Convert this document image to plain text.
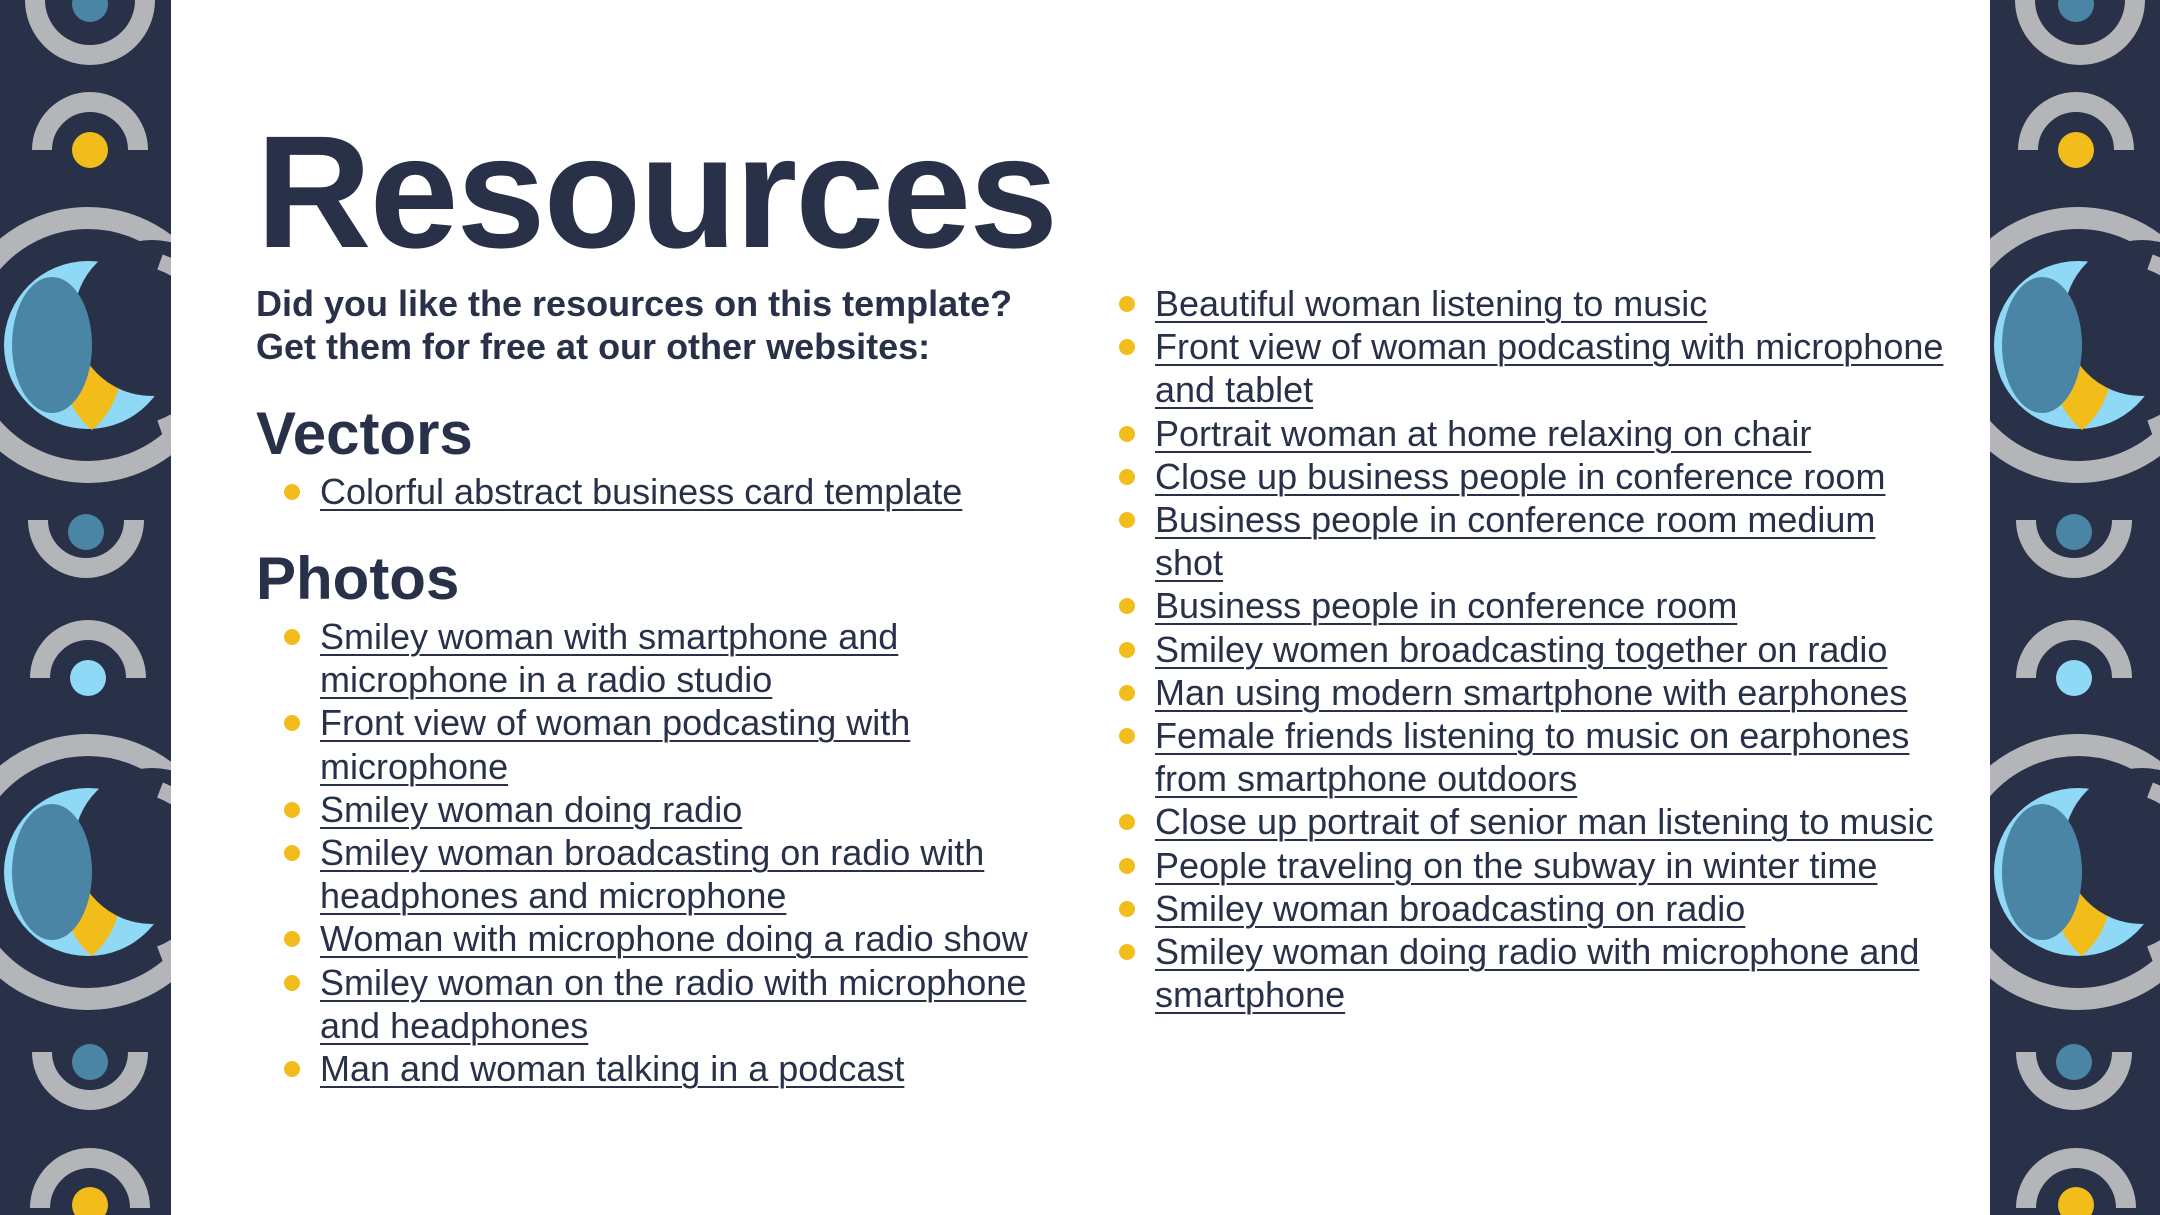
Resources
Did you like the resources on this template?
Get them for free at our other websites:
Vectors
Colorful abstract business card template
Photos
Smiley woman with smartphone and microphone in a radio studio
Front view of woman podcasting with microphone
Smiley woman doing radio
Smiley woman broadcasting on radio with headphones and microphone
Woman with microphone doing a radio show
Smiley woman on the radio with microphone and headphones
Man and woman talking in a podcast
Beautiful woman listening to music
Front view of woman podcasting with microphone and tablet
Portrait woman at home relaxing on chair
Close up business people in conference room
Business people in conference room medium shot
Business people in conference room
Smiley women broadcasting together on radio
Man using modern smartphone with earphones
Female friends listening to music on earphones from smartphone outdoors
Close up portrait of senior man listening to music
People traveling on the subway in winter time
Smiley woman broadcasting on radio
Smiley woman doing radio with microphone and smartphone
